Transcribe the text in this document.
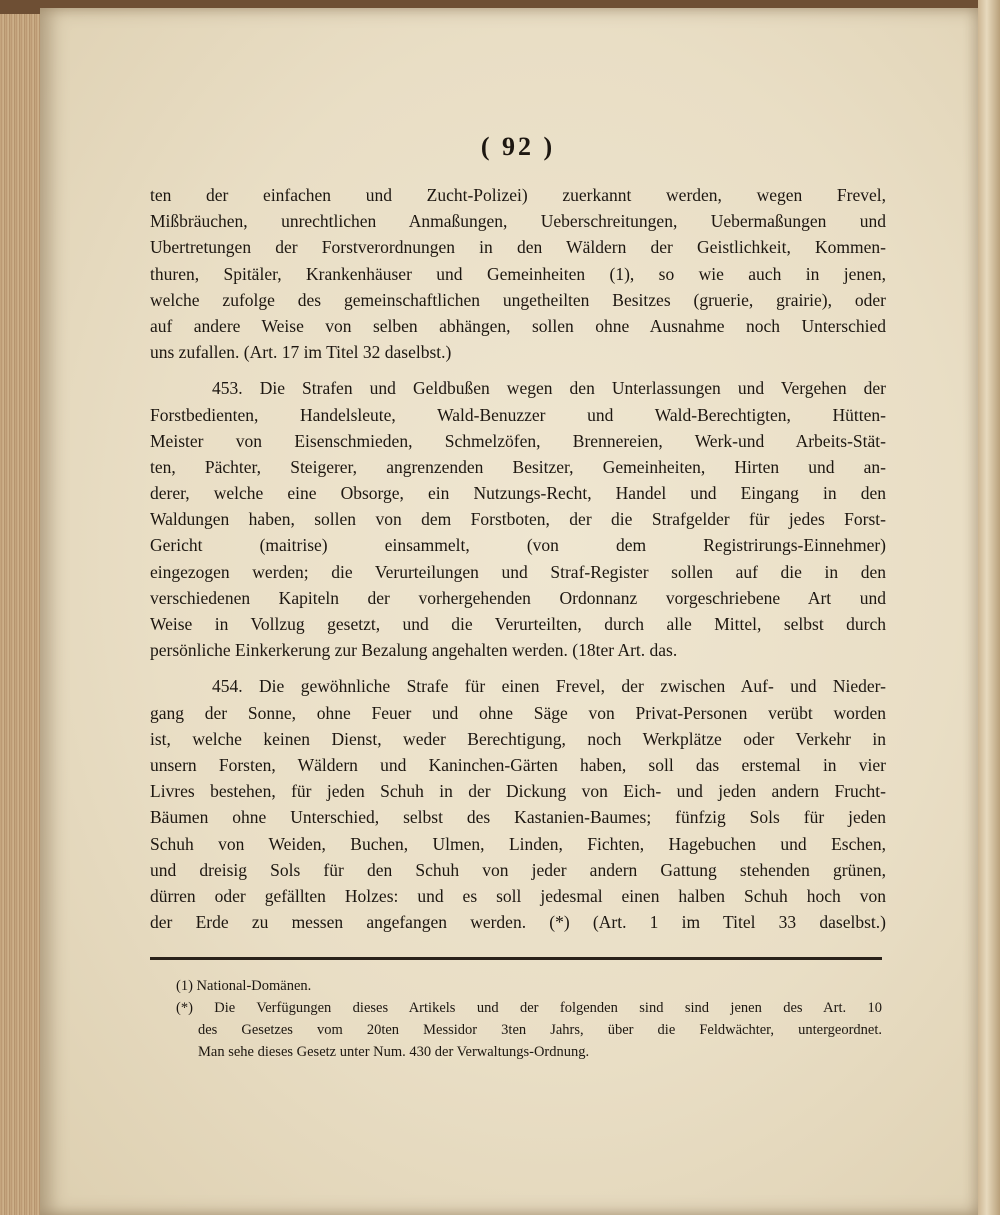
( 92 )
ten der einfachen und Zucht-Polizei) zuerkannt werden, wegen Frevel,
Mißbräuchen, unrechtlichen Anmaßungen, Ueberschreitungen, Uebermaßungen und
Ubertretungen der Forstverordnungen in den Wäldern der Geistlichkeit, Kommen-
thuren, Spitäler, Krankenhäuser und Gemeinheiten (1), so wie auch in jenen,
welche zufolge des gemeinschaftlichen ungetheilten Besitzes (gruerie, grairie), oder
auf andere Weise von selben abhängen, sollen ohne Ausnahme noch Unterschied
uns zufallen. (Art. 17 im Titel 32 daselbst.)
453. Die Strafen und Geldbußen wegen den Unterlassungen und Vergehen der
Forstbedienten, Handelsleute, Wald-Benuzzer und Wald-Berechtigten, Hütten-
Meister von Eisenschmieden, Schmelzöfen, Brennereien, Werk-und Arbeits-Stät-
ten, Pächter, Steigerer, angrenzenden Besitzer, Gemeinheiten, Hirten und an-
derer, welche eine Obsorge, ein Nutzungs-Recht, Handel und Eingang in den
Waldungen haben, sollen von dem Forstboten, der die Strafgelder für jedes Forst-
Gericht (maitrise) einsammelt, (von dem Registrirungs-Einnehmer)
eingezogen werden; die Verurteilungen und Straf-Register sollen auf die in den
verschiedenen Kapiteln der vorhergehenden Ordonnanz vorgeschriebene Art und
Weise in Vollzug gesetzt, und die Verurteilten, durch alle Mittel, selbst durch
persönliche Einkerkerung zur Bezalung angehalten werden. (18ter Art. das.
454. Die gewöhnliche Strafe für einen Frevel, der zwischen Auf- und Nieder-
gang der Sonne, ohne Feuer und ohne Säge von Privat-Personen verübt worden
ist, welche keinen Dienst, weder Berechtigung, noch Werkplätze oder Verkehr in
unsern Forsten, Wäldern und Kaninchen-Gärten haben, soll das erstemal in vier
Livres bestehen, für jeden Schuh in der Dickung von Eich- und jeden andern Frucht-
Bäumen ohne Unterschied, selbst des Kastanien-Baumes; fünfzig Sols für jeden
Schuh von Weiden, Buchen, Ulmen, Linden, Fichten, Hagebuchen und Eschen,
und dreisig Sols für den Schuh von jeder andern Gattung stehenden grünen,
dürren oder gefällten Holzes: und es soll jedesmal einen halben Schuh hoch von
der Erde zu messen angefangen werden. (*) (Art. 1 im Titel 33 daselbst.)
(1) National-Domänen.
(*) Die Verfügungen dieses Artikels und der folgenden sind sind jenen des Art. 10
des Gesetzes vom 20ten Messidor 3ten Jahrs, über die Feldwächter, untergeordnet.
Man sehe dieses Gesetz unter Num. 430 der Verwaltungs-Ordnung.
